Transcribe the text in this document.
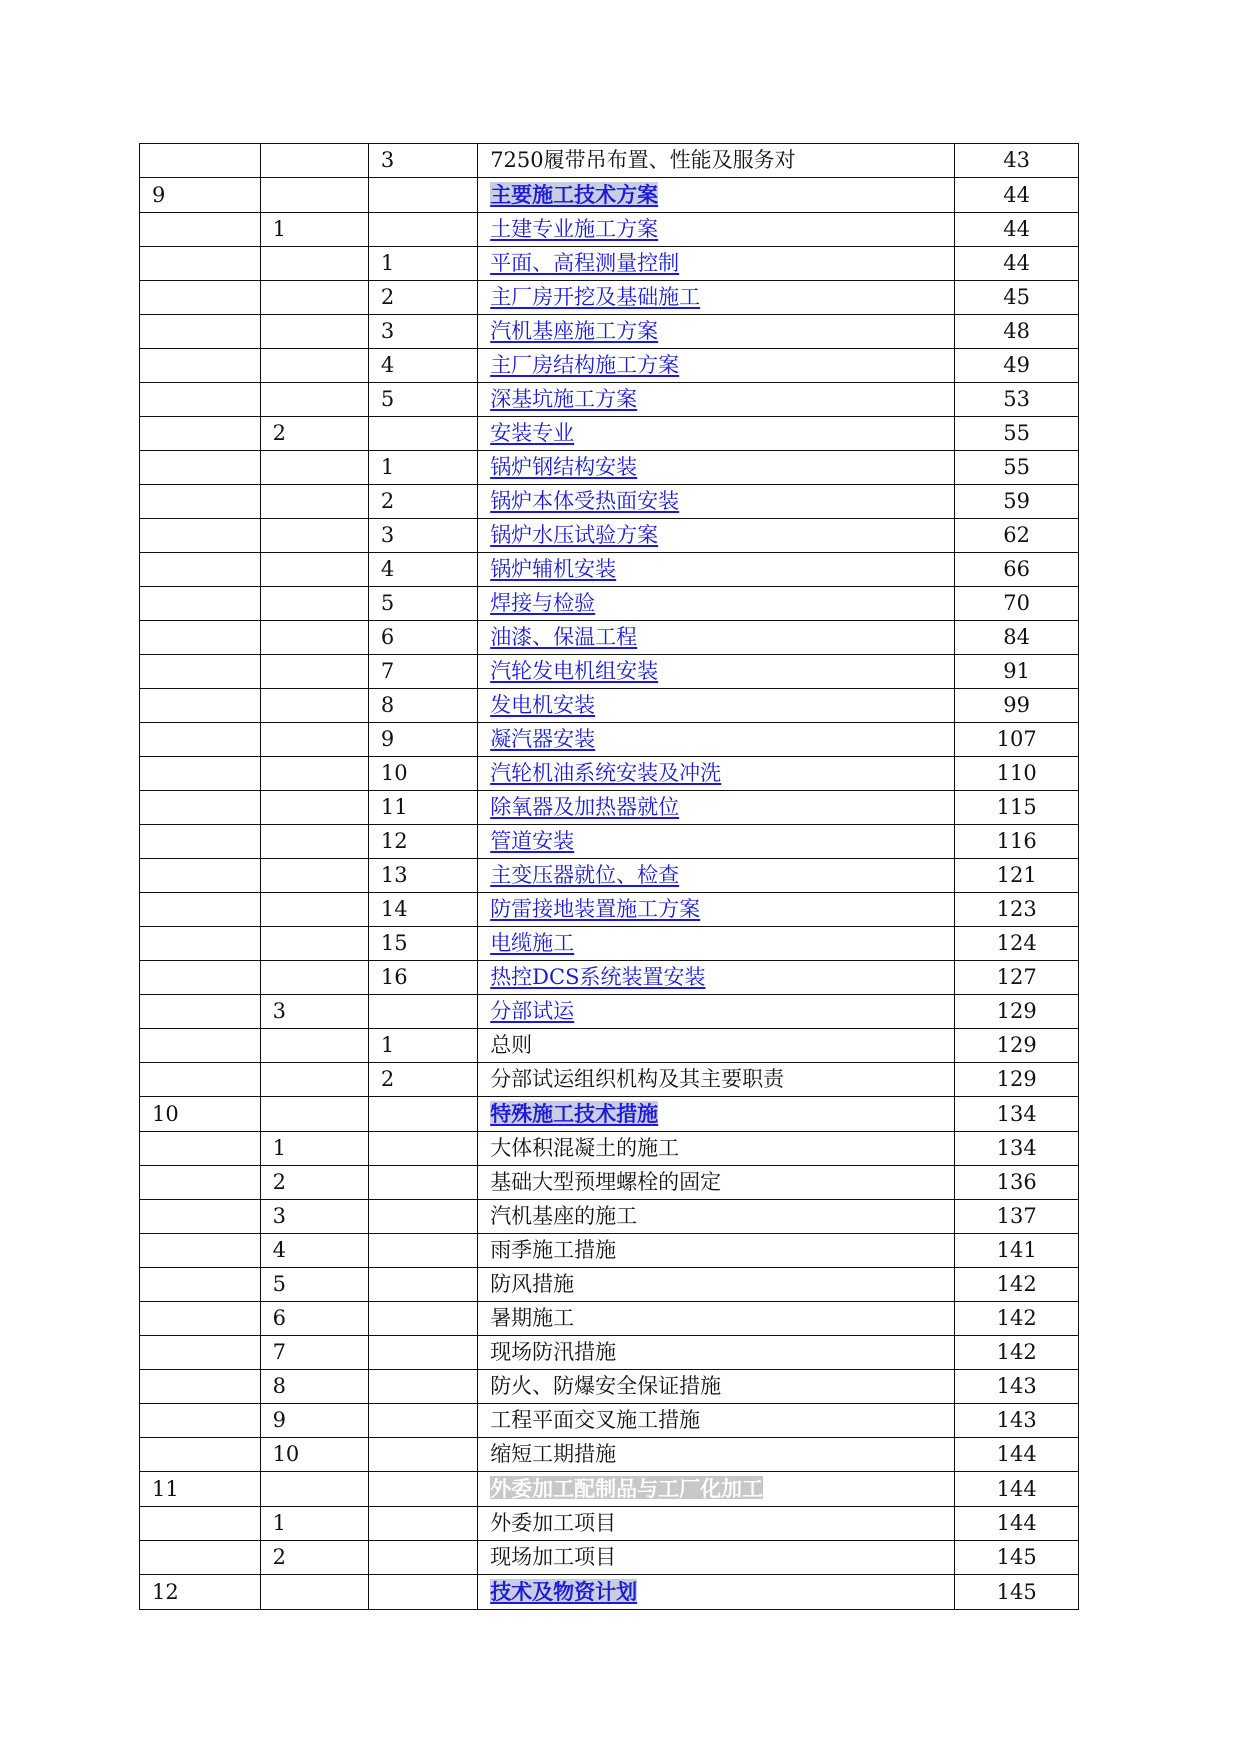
		3	7250履带吊布置、性能及服务对	43
9			主要施工技术方案	44
	1		土建专业施工方案	44
		1	平面、高程测量控制	44
		2	主厂房开挖及基础施工	45
		3	汽机基座施工方案	48
		4	主厂房结构施工方案	49
		5	深基坑施工方案	53
	2		安装专业	55
		1	锅炉钢结构安装	55
		2	锅炉本体受热面安装	59
		3	锅炉水压试验方案	62
		4	锅炉辅机安装	66
		5	焊接与检验	70
		6	油漆、保温工程	84
		7	汽轮发电机组安装	91
		8	发电机安装	99
		9	凝汽器安装	107
		10	汽轮机油系统安装及冲洗	110
		11	除氧器及加热器就位	115
		12	管道安装	116
		13	主变压器就位、检查	121
		14	防雷接地装置施工方案	123
		15	电缆施工	124
		16	热控DCS系统装置安装	127
	3		分部试运	129
		1	总则	129
		2	分部试运组织机构及其主要职责	129
10			特殊施工技术措施	134
	1		大体积混凝土的施工	134
	2		基础大型预埋螺栓的固定	136
	3		汽机基座的施工	137
	4		雨季施工措施	141
	5		防风措施	142
	6		暑期施工	142
	7		现场防汛措施	142
	8		防火、防爆安全保证措施	143
	9		工程平面交叉施工措施	143
	10		缩短工期措施	144
11			外委加工配制品与工厂化加工	144
	1		外委加工项目	144
	2		现场加工项目	145
12			技术及物资计划	145
